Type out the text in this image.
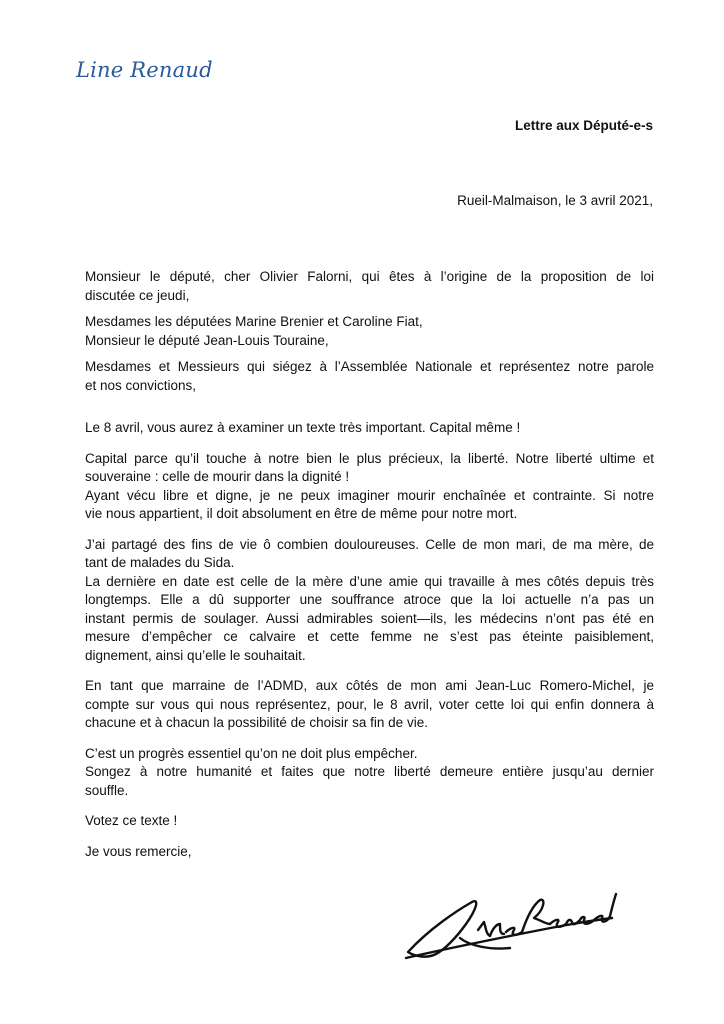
Line Renaud
Lettre aux Député-e-s
Rueil-Malmaison, le 3 avril 2021,

Monsieur le député, cher Olivier Falorni, qui êtes à l’origine de la proposition de loi

discutée ce jeudi,

Mesdames les députées Marine Brenier et Caroline Fiat,

Monsieur le député Jean-Louis Touraine,

Mesdames et Messieurs qui siégez à l’Assemblée Nationale et représentez notre parole

et nos convictions,

Le 8 avril, vous aurez à examiner un texte très important. Capital même !

Capital parce qu’il touche à notre bien le plus précieux, la liberté. Notre liberté ultime et

souveraine : celle de mourir dans la dignité !

Ayant vécu libre et digne, je ne peux imaginer mourir enchaînée et contrainte. Si notre

vie nous appartient, il doit absolument en être de même pour notre mort.

J’ai partagé des fins de vie ô combien douloureuses. Celle de mon mari, de ma mère, de

tant de malades du Sida.

La dernière en date est celle de la mère d’une amie qui travaille à mes côtés depuis très

longtemps. Elle a dû supporter une souffrance atroce que la loi actuelle n’a pas un

instant permis de soulager. Aussi admirables soient—ils, les médecins n’ont pas été en

mesure d’empêcher ce calvaire et cette femme ne s’est pas éteinte paisiblement,

dignement, ainsi qu’elle le souhaitait.

En tant que marraine de l’ADMD, aux côtés de mon ami Jean-Luc Romero-Michel, je

compte sur vous qui nous représentez, pour, le 8 avril, voter cette loi qui enfin donnera à

chacune et à chacun la possibilité de choisir sa fin de vie.

C’est un progrès essentiel qu’on ne doit plus empêcher.

Songez à notre humanité et faites que notre liberté demeure entière jusqu’au dernier

souffle.

Votez ce texte !

Je vous remercie,
